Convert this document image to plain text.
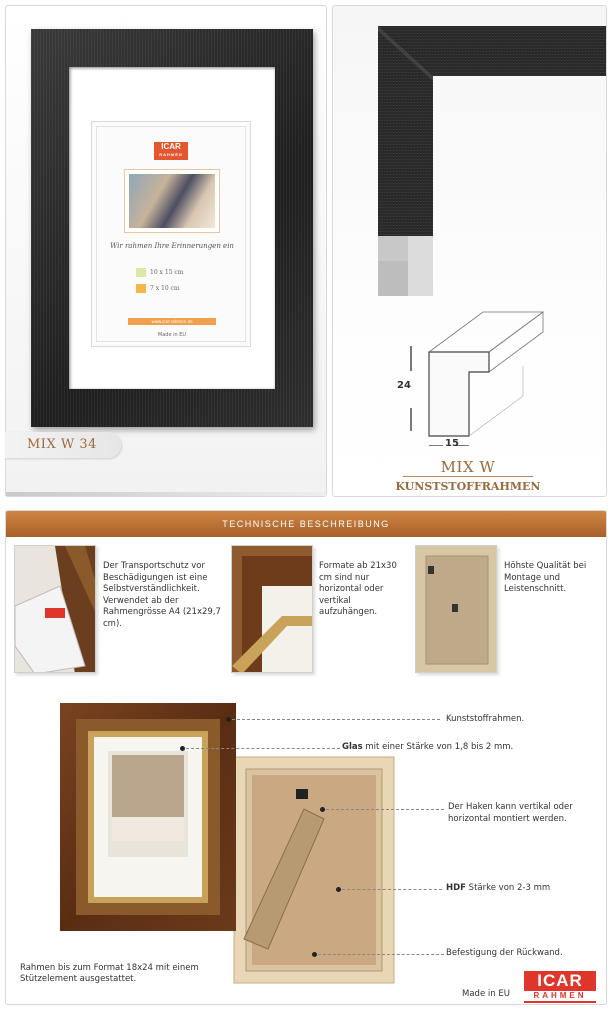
ICAR
RAHMEN
Wir rahmen Ihre Erinnerungen ein
10 x 15 cm
7 x 10 cm
www.icar-rahmen.de
Made in EU
MIX W 34
24
15
MIX W
KUNSTSTOFFRAHMEN
TECHNISCHE BESCHREIBUNG
Der Transportschutz vor Beschädigungen ist eine Selbstverständlichkeit. Verwendet ab der Rahmengrösse A4 (21x29,7 cm).
Formate ab 21x30 cm sind nur horizontal oder vertikal aufzuhängen.
Höhste Qualität bei Montage und Leistenschnitt.
Kunststoffrahmen.
Glas mit einer Stärke von 1,8 bis 2 mm.
Der Haken kann vertikal oder
horizontal montiert werden.
HDF Stärke von 2-3 mm
Befestigung der Rückwand.
Rahmen bis zum Format 18x24 mit einem Stützelement ausgestattet.
Made in EU
ICAR
RAHMEN
